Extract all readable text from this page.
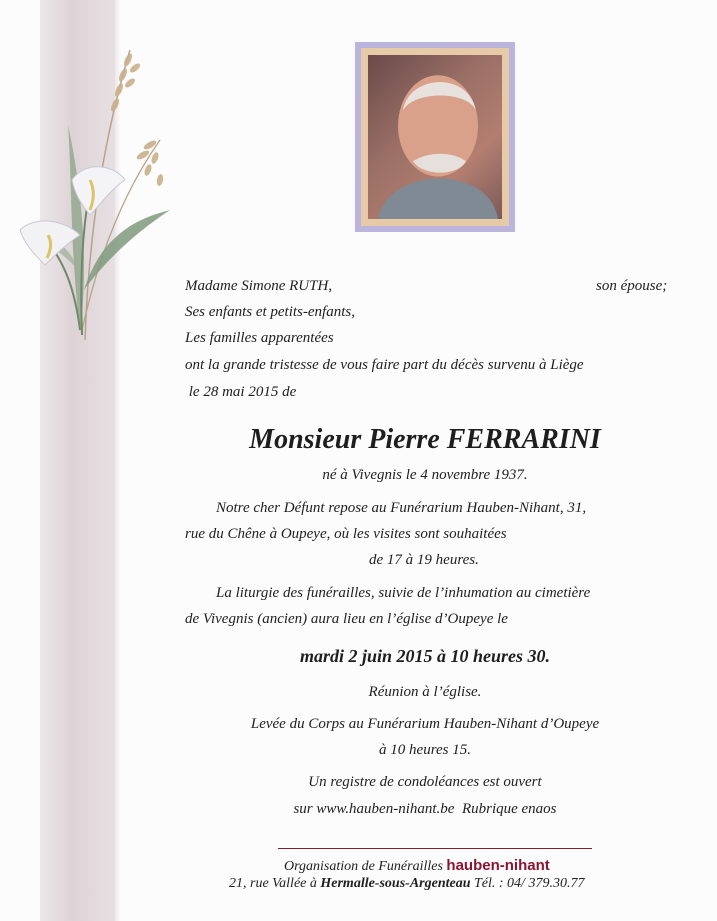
Madame Simone RUTH,	son épouse;
Ses enfants et petits-enfants,
Les familles apparentées
ont la grande tristesse de vous faire part du décès survenu à Liège
le 28 mai 2015 de
Monsieur Pierre FERRARINI
né à Vivegnis le 4 novembre 1937.
Notre cher Défunt repose au Funérarium Hauben-Nihant, 31,
rue du Chêne à Oupeye, où les visites sont souhaitées
de 17 à 19 heures.
La liturgie des funérailles, suivie de l’inhumation au cimetière
de Vivegnis (ancien) aura lieu en l’église d’Oupeye le
mardi 2 juin 2015 à 10 heures 30.
Réunion à l’église.
Levée du Corps au Funérarium Hauben-Nihant d’Oupeye
à 10 heures 15.
Un registre de condoléances est ouvert
sur www.hauben-nihant.be  Rubrique enaos
Organisation de Funérailles hauben-nihant
21, rue Vallée à Hermalle-sous-Argenteau Tél. : 04/ 379.30.77
